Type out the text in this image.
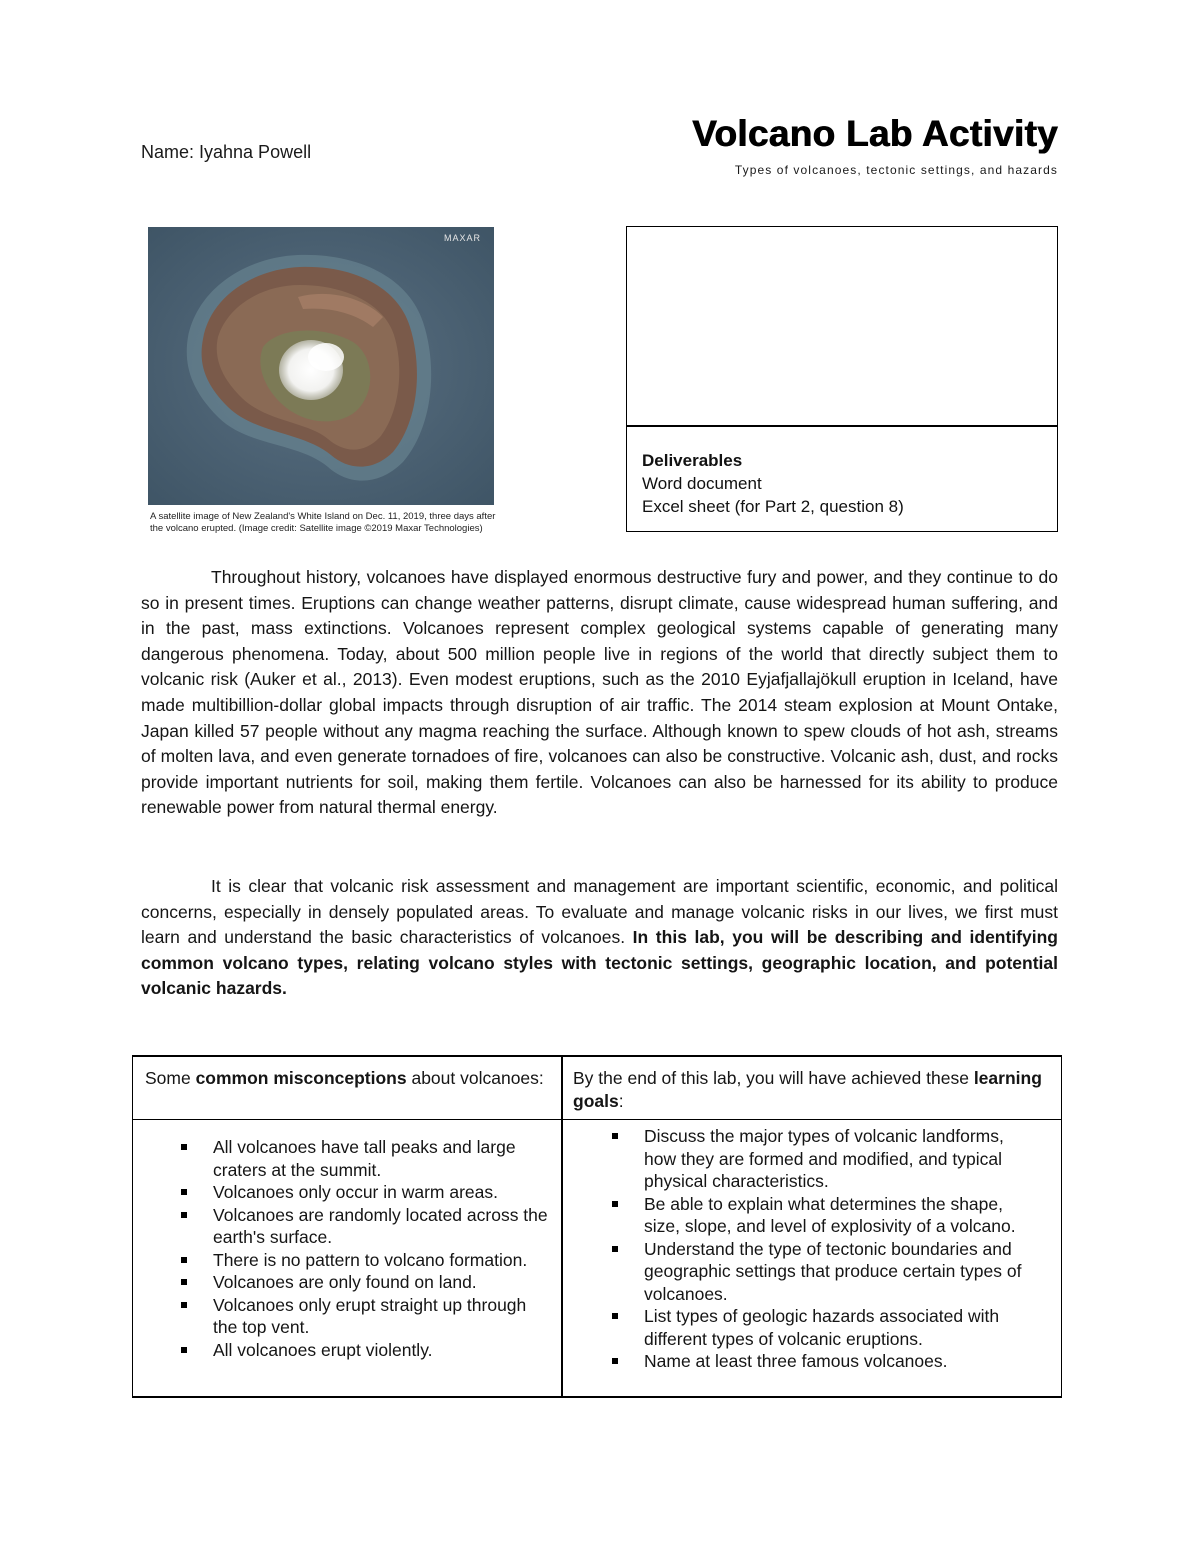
Name: Iyahna Powell	Volcano Lab Activity
Types of volcanoes, tectonic settings, and hazards
MAXAR
A satellite image of New Zealand's White Island on Dec. 11, 2019, three days after the volcano erupted. (Image credit: Satellite image ©2019 Maxar Technologies)
Deliverables
Word document
Excel sheet (for Part 2, question 8)

Throughout history, volcanoes have displayed enormous destructive fury and power, and they continue to do so in present times. Eruptions can change weather patterns, disrupt climate, cause widespread human suffering, and in the past, mass extinctions. Volcanoes represent complex geological systems capable of generating many dangerous phenomena. Today, about 500 million people live in regions of the world that directly subject them to volcanic risk (Auker et al., 2013). Even modest eruptions, such as the 2010 Eyjafjallajökull eruption in Iceland, have made multibillion-dollar global impacts through disruption of air traffic. The 2014 steam explosion at Mount Ontake, Japan killed 57 people without any magma reaching the surface. Although known to spew clouds of hot ash, streams of molten lava, and even generate tornadoes of fire, volcanoes can also be constructive. Volcanic ash, dust, and rocks provide important nutrients for soil, making them fertile. Volcanoes can also be harnessed for its ability to produce renewable power from natural thermal energy.

It is clear that volcanic risk assessment and management are important scientific, economic, and political concerns, especially in densely populated areas. To evaluate and manage volcanic risks in our lives, we first must learn and understand the basic characteristics of volcanoes. In this lab, you will be describing and identifying common volcano types, relating volcano styles with tectonic settings, geographic location, and potential volcanic hazards.

Some common misconceptions about volcanoes: By the end of this lab, you will have achieved these learning goals:
All volcanoes have tall peaks and large craters at the summit.
Volcanoes only occur in warm areas.
Volcanoes are randomly located across the earth's surface.
There is no pattern to volcano formation.
Volcanoes are only found on land.
Volcanoes only erupt straight up through the top vent.
All volcanoes erupt violently.
Discuss the major types of volcanic landforms, how they are formed and modified, and typical physical characteristics.
Be able to explain what determines the shape, size, slope, and level of explosivity of a volcano.
Understand the type of tectonic boundaries and geographic settings that produce certain types of volcanoes.
List types of geologic hazards associated with different types of volcanic eruptions.
Name at least three famous volcanoes.
